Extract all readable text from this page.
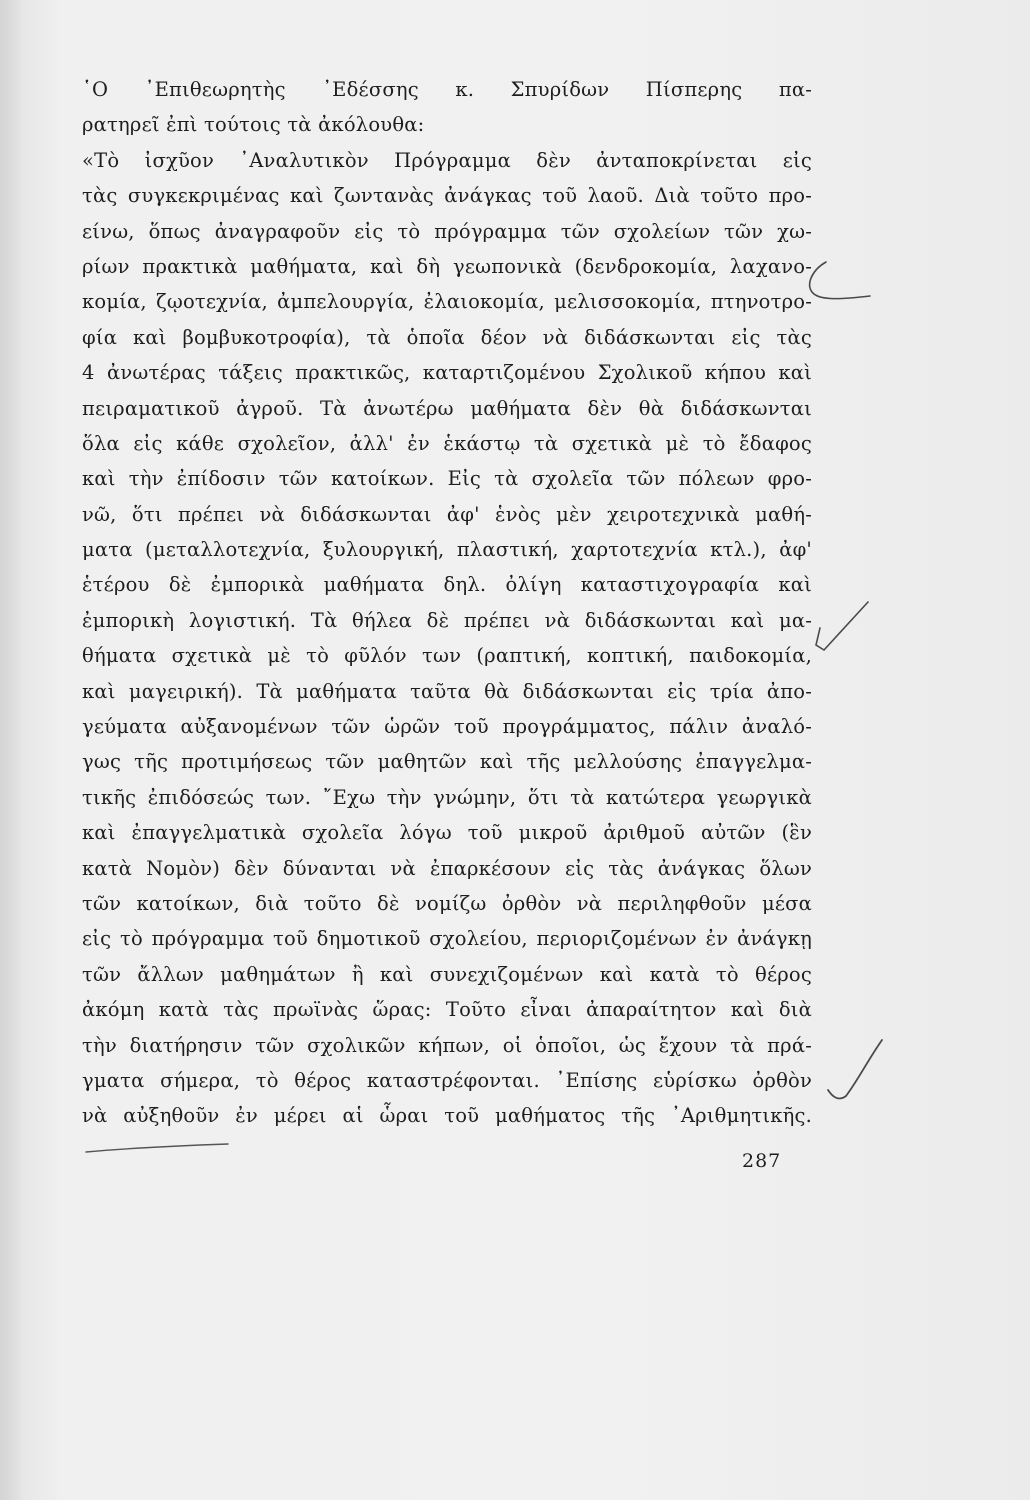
῾Ο ᾿Επιθεωρητὴς ᾿Εδέσσης κ. Σπυρίδων Πίσπερης πα-
ρατηρεῖ ἐπὶ τούτοις τὰ ἀκόλουθα:
«Τὸ ἰσχῦον ᾿Αναλυτικὸν Πρόγραμμα δὲν ἀνταποκρίνεται εἰς
τὰς συγκεκριμένας καὶ ζωντανὰς ἀνάγκας τοῦ λαοῦ. Διὰ τοῦτο προ-
είνω, ὅπως ἀναγραφοῦν εἰς τὸ πρόγραμμα τῶν σχολείων τῶν χω-
ρίων πρακτικὰ μαθήματα, καὶ δὴ γεωπονικὰ (δενδροκομία, λαχανο-
κομία, ζῳοτεχνία, ἀμπελουργία, ἐλαιοκομία, μελισσοκομία, πτηνοτρο-
φία καὶ βομβυκοτροφία), τὰ ὁποῖα δέον νὰ διδάσκωνται εἰς τὰς
4 ἀνωτέρας τάξεις πρακτικῶς, καταρτιζομένου Σχολικοῦ κήπου καὶ
πειραματικοῦ ἀγροῦ. Τὰ ἀνωτέρω μαθήματα δὲν θὰ διδάσκωνται
ὅλα εἰς κάθε σχολεῖον, ἀλλ' ἐν ἑκάστῳ τὰ σχετικὰ μὲ τὸ ἔδαφος
καὶ τὴν ἐπίδοσιν τῶν κατοίκων. Εἰς τὰ σχολεῖα τῶν πόλεων φρο-
νῶ, ὅτι πρέπει νὰ διδάσκωνται ἀφ' ἑνὸς μὲν χειροτεχνικὰ μαθή-
ματα (μεταλλοτεχνία, ξυλουργική, πλαστική, χαρτοτεχνία κτλ.), ἀφ'
ἑτέρου δὲ ἐμπορικὰ μαθήματα δηλ. ὀλίγη καταστιχογραφία καὶ
ἐμπορικὴ λογιστική. Τὰ θήλεα δὲ πρέπει νὰ διδάσκωνται καὶ μα-
θήματα σχετικὰ μὲ τὸ φῦλόν των (ραπτική, κοπτική, παιδοκομία,
καὶ μαγειρική). Τὰ μαθήματα ταῦτα θὰ διδάσκωνται εἰς τρία ἀπο-
γεύματα αὐξανομένων τῶν ὡρῶν τοῦ προγράμματος, πάλιν ἀναλό-
γως τῆς προτιμήσεως τῶν μαθητῶν καὶ τῆς μελλούσης ἐπαγγελμα-
τικῆς ἐπιδόσεώς των. ῎Εχω τὴν γνώμην, ὅτι τὰ κατώτερα γεωργικὰ
καὶ ἐπαγγελματικὰ σχολεῖα λόγω τοῦ μικροῦ ἀριθμοῦ αὐτῶν (ἓν
κατὰ Νομὸν) δὲν δύνανται νὰ ἐπαρκέσουν εἰς τὰς ἀνάγκας ὅλων
τῶν κατοίκων, διὰ τοῦτο δὲ νομίζω ὀρθὸν νὰ περιληφθοῦν μέσα
εἰς τὸ πρόγραμμα τοῦ δημοτικοῦ σχολείου, περιοριζομένων ἐν ἀνάγκῃ
τῶν ἄλλων μαθημάτων ἢ καὶ συνεχιζομένων καὶ κατὰ τὸ θέρος
ἀκόμη κατὰ τὰς πρωϊνὰς ὥρας: Τοῦτο εἶναι ἀπαραίτητον καὶ διὰ
τὴν διατήρησιν τῶν σχολικῶν κήπων, οἱ ὁποῖοι, ὡς ἔχουν τὰ πρά-
γματα σήμερα, τὸ θέρος καταστρέφονται. ᾿Επίσης εὑρίσκω ὀρθὸν
νὰ αὐξηθοῦν ἐν μέρει αἱ ὧραι τοῦ μαθήματος τῆς ᾿Αριθμητικῆς.
287
